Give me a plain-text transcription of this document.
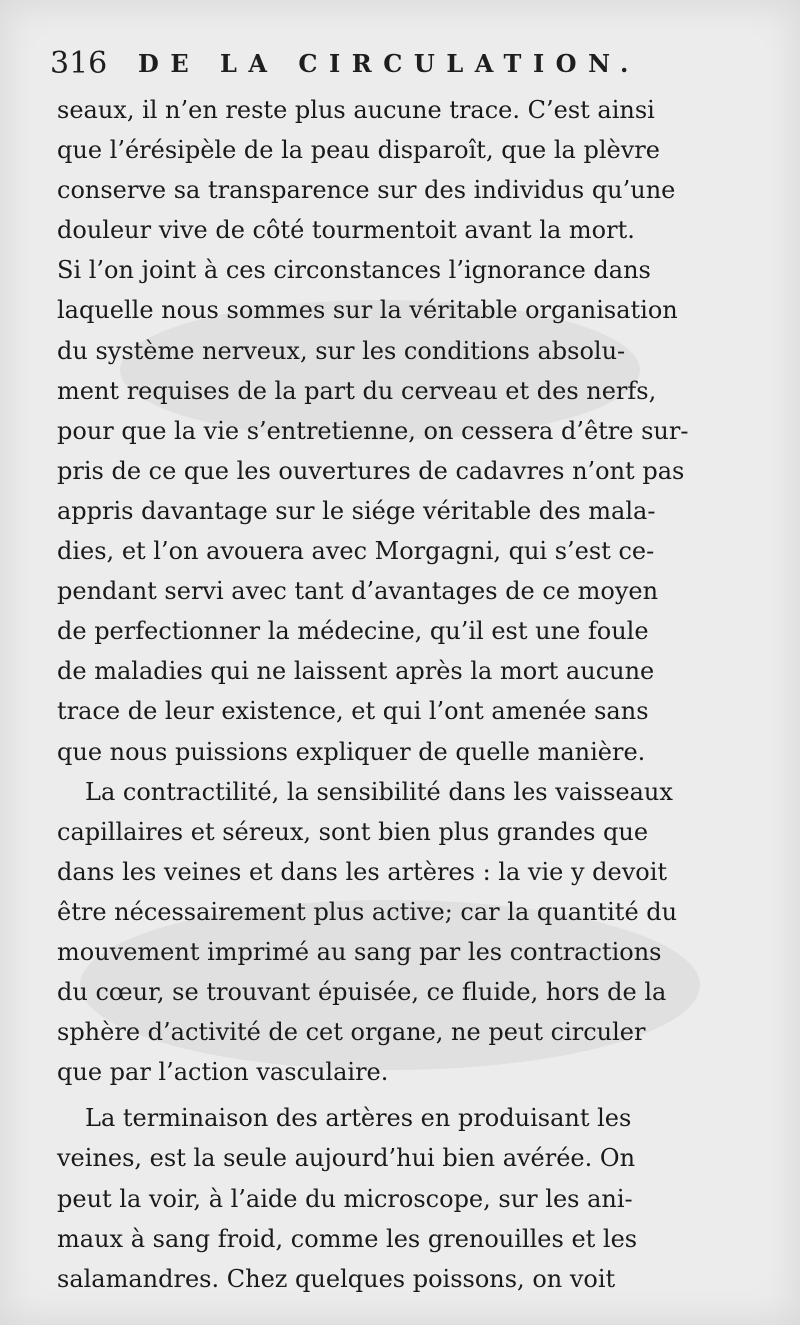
316 DE LA CIRCULATION.
seaux, il n’en reste plus aucune trace. C’est ainsi
que l’érésipèle de la peau disparoît, que la plèvre
conserve sa transparence sur des individus qu’une
douleur vive de côté tourmentoit avant la mort.
Si l’on joint à ces circonstances l’ignorance dans
laquelle nous sommes sur la véritable organisation
du système nerveux, sur les conditions absolu-
ment requises de la part du cerveau et des nerfs,
pour que la vie s’entretienne, on cessera d’être sur-
pris de ce que les ouvertures de cadavres n’ont pas
appris davantage sur le siége véritable des mala-
dies, et l’on avouera avec Morgagni, qui s’est ce-
pendant servi avec tant d’avantages de ce moyen
de perfectionner la médecine, qu’il est une foule
de maladies qui ne laissent après la mort aucune
trace de leur existence, et qui l’ont amenée sans
que nous puissions expliquer de quelle manière.
La contractilité, la sensibilité dans les vaisseaux
capillaires et séreux, sont bien plus grandes que
dans les veines et dans les artères : la vie y devoit
être nécessairement plus active; car la quantité du
mouvement imprimé au sang par les contractions
du cœur, se trouvant épuisée, ce fluide, hors de la
sphère d’activité de cet organe, ne peut circuler
que par l’action vasculaire.
La terminaison des artères en produisant les
veines, est la seule aujourd’hui bien avérée. On
peut la voir, à l’aide du microscope, sur les ani-
maux à sang froid, comme les grenouilles et les
salamandres. Chez quelques poissons, on voit
